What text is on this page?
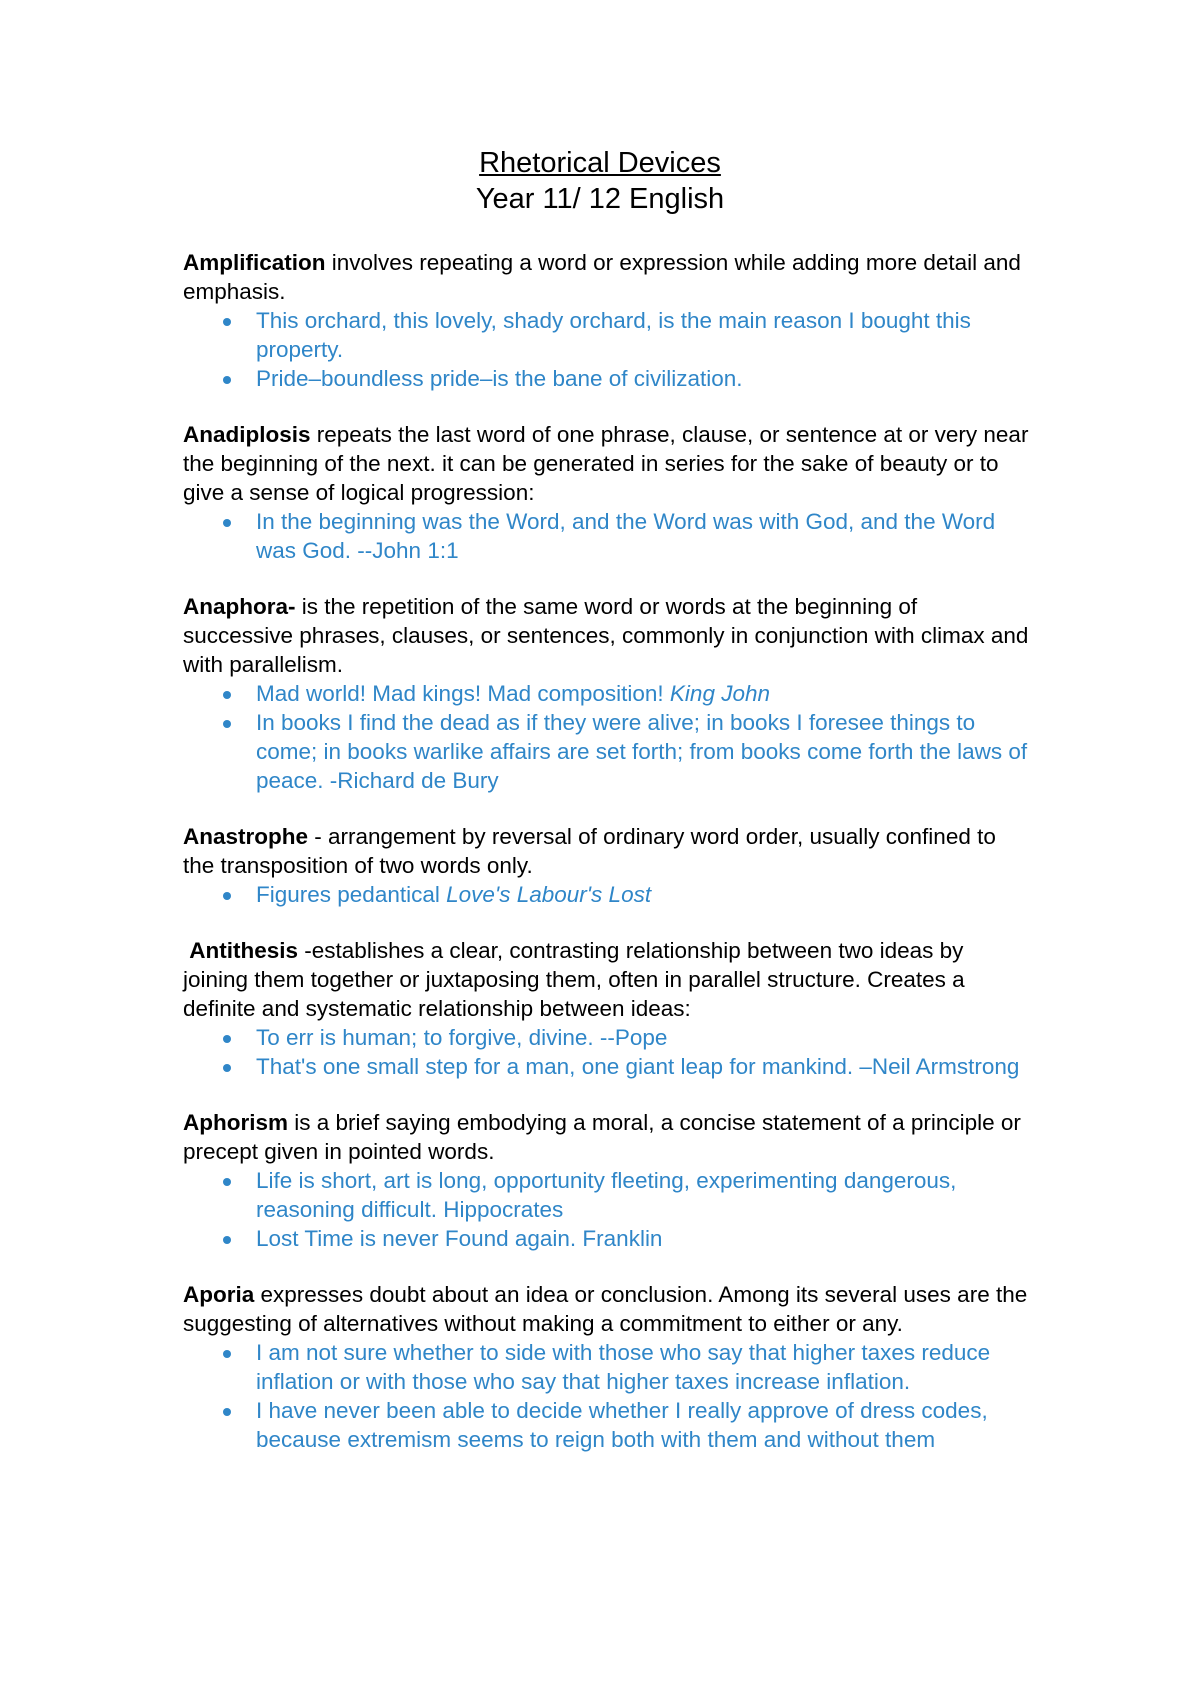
Rhetorical Devices

Year 11/ 12 English

Amplification involves repeating a word or expression while adding more detail and emphasis.

This orchard, this lovely, shady orchard, is the main reason I bought this property.
Pride–boundless pride–is the bane of civilization.

Anadiplosis repeats the last word of one phrase, clause, or sentence at or very near the beginning of the next. it can be generated in series for the sake of beauty or to give a sense of logical progression:

In the beginning was the Word, and the Word was with God, and the Word was God. --John 1:1

Anaphora- is the repetition of the same word or words at the beginning of successive phrases, clauses, or sentences, commonly in conjunction with climax and with parallelism.

Mad world! Mad kings! Mad composition! King John
In books I find the dead as if they were alive; in books I foresee things to come; in books warlike affairs are set forth; from books come forth the laws of peace. -Richard de Bury

Anastrophe - arrangement by reversal of ordinary word order, usually confined to the transposition of two words only.

Figures pedantical Love's Labour's Lost

Antithesis -establishes a clear, contrasting relationship between two ideas by joining them together or juxtaposing them, often in parallel structure. Creates a definite and systematic relationship between ideas:

To err is human; to forgive, divine. --Pope
That's one small step for a man, one giant leap for mankind. –Neil Armstrong

Aphorism is a brief saying embodying a moral, a concise statement of a principle or precept given in pointed words.

Life is short, art is long, opportunity fleeting, experimenting dangerous, reasoning difficult. Hippocrates
Lost Time is never Found again. Franklin

Aporia expresses doubt about an idea or conclusion. Among its several uses are the suggesting of alternatives without making a commitment to either or any.

I am not sure whether to side with those who say that higher taxes reduce inflation or with those who say that higher taxes increase inflation.
I have never been able to decide whether I really approve of dress codes, because extremism seems to reign both with them and without them
